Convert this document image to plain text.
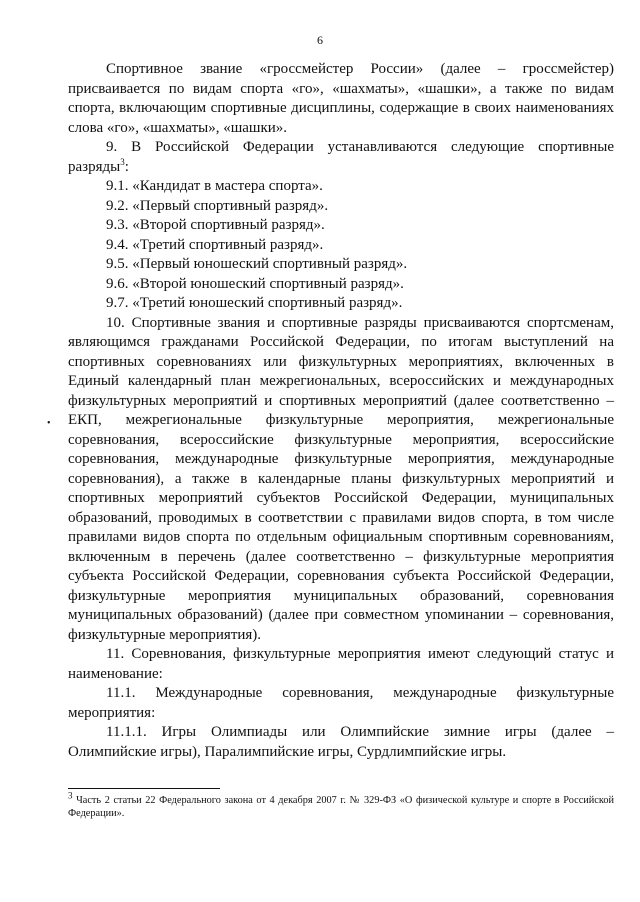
6
•

Спортивное звание «гроссмейстер России» (далее – гроссмейстер) присваивается по видам спорта «го», «шахматы», «шашки», а также по видам спорта, включающим спортивные дисциплины, содержащие в своих наименованиях слова «го», «шахматы», «шашки».

9. В Российской Федерации устанавливаются следующие спортивные разряды$^3$:

9.1. «Кандидат в мастера спорта».

9.2. «Первый спортивный разряд».

9.3. «Второй спортивный разряд».

9.4. «Третий спортивный разряд».

9.5. «Первый юношеский спортивный разряд».

9.6. «Второй юношеский спортивный разряд».

9.7. «Третий юношеский спортивный разряд».

10. Спортивные звания и спортивные разряды присваиваются спортсменам, являющимся гражданами Российской Федерации, по итогам выступлений на спортивных соревнованиях или физкультурных мероприятиях, включенных в Единый календарный план межрегиональных, всероссийских и международных физкультурных мероприятий и спортивных мероприятий (далее соответственно – ЕКП, межрегиональные физкультурные мероприятия, межрегиональные соревнования, всероссийские физкультурные мероприятия, всероссийские соревнования, международные физкультурные мероприятия, международные соревнования), а также в календарные планы физкультурных мероприятий и спортивных мероприятий субъектов Российской Федерации, муниципальных образований, проводимых в соответствии с правилами видов спорта, в том числе правилами видов спорта по отдельным официальным спортивным соревнованиям, включенным в перечень (далее соответственно – физкультурные мероприятия субъекта Российской Федерации, соревнования субъекта Российской Федерации, физкультурные мероприятия муниципальных образований, соревнования муниципальных образований) (далее при совместном упоминании – соревнования, физкультурные мероприятия).

11. Соревнования, физкультурные мероприятия имеют следующий статус и наименование:

11.1. Международные соревнования, международные физкультурные мероприятия:

11.1.1. Игры Олимпиады или Олимпийские зимние игры (далее – Олимпийские игры), Паралимпийские игры, Сурдлимпийские игры.

$^3$ Часть 2 статьи 22 Федерального закона от 4 декабря 2007 г. № 329-ФЗ «О физической культуре и спорте в Российской Федерации».
